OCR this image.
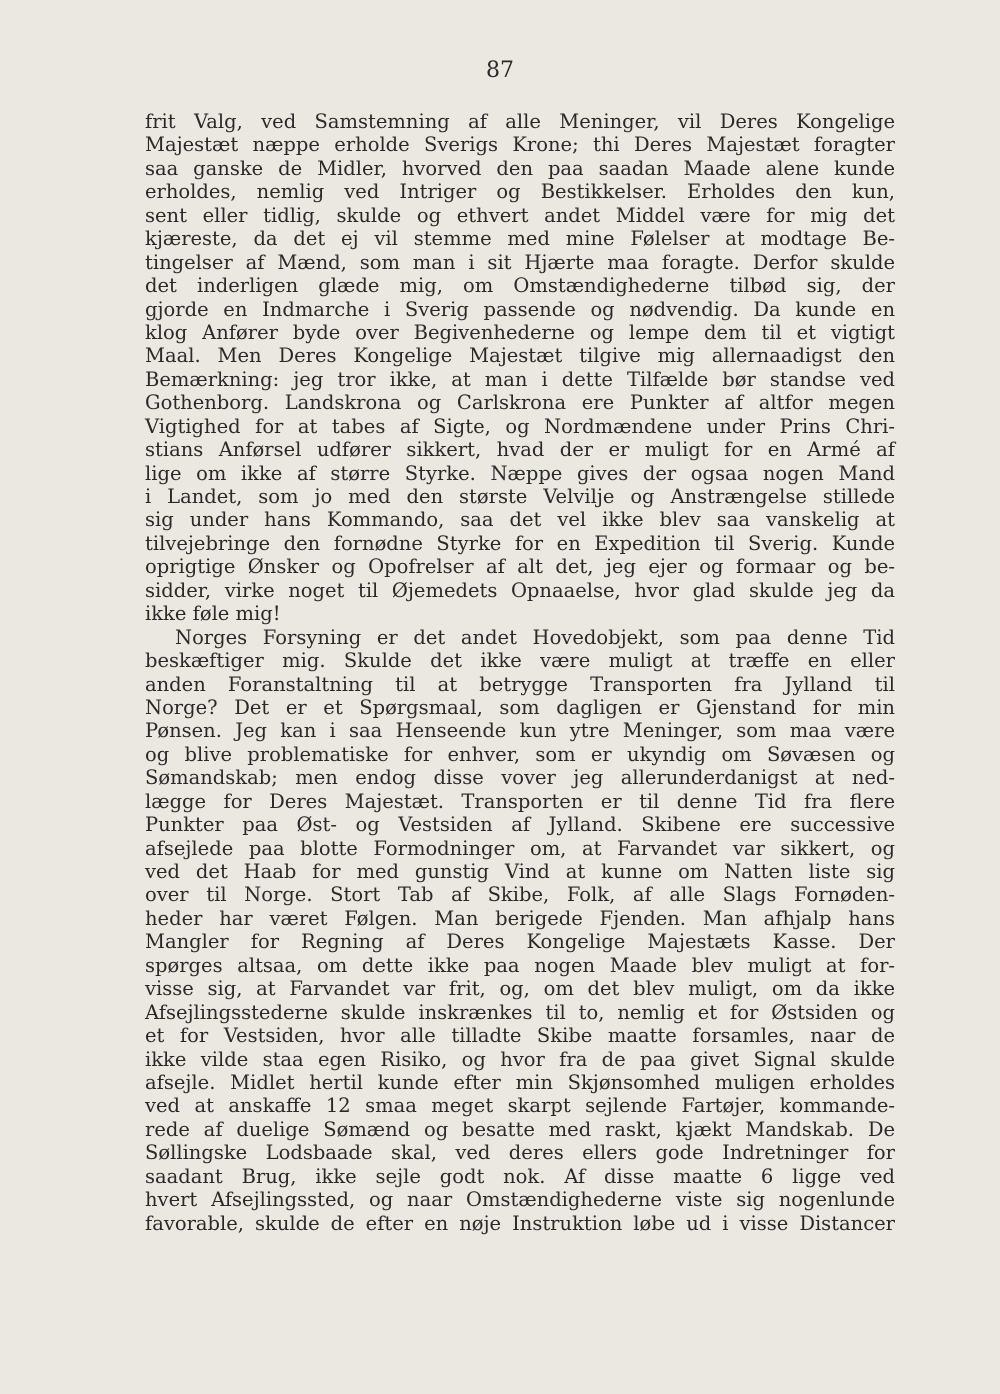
87
frit Valg, ved Samstemning af alle Meninger, vil Deres Kongelige
Majestæt næppe erholde Sverigs Krone; thi Deres Majestæt foragter
saa ganske de Midler, hvorved den paa saadan Maade alene kunde
erholdes, nemlig ved Intriger og Bestikkelser. Erholdes den kun,
sent eller tidlig, skulde og ethvert andet Middel være for mig det
kjæreste, da det ej vil stemme med mine Følelser at modtage Be-
tingelser af Mænd, som man i sit Hjærte maa foragte. Derfor skulde
det inderligen glæde mig, om Omstændighederne tilbød sig, der
gjorde en Indmarche i Sverig passende og nødvendig. Da kunde en
klog Anfører byde over Begivenhederne og lempe dem til et vigtigt
Maal. Men Deres Kongelige Majestæt tilgive mig allernaadigst den
Bemærkning: jeg tror ikke, at man i dette Tilfælde bør standse ved
Gothenborg. Landskrona og Carlskrona ere Punkter af altfor megen
Vigtighed for at tabes af Sigte, og Nordmændene under Prins Chri-
stians Anførsel udfører sikkert, hvad der er muligt for en Armé af
lige om ikke af større Styrke. Næppe gives der ogsaa nogen Mand
i Landet, som jo med den største Velvilje og Anstrængelse stillede
sig under hans Kommando, saa det vel ikke blev saa vanskelig at
tilvejebringe den fornødne Styrke for en Expedition til Sverig. Kunde
oprigtige Ønsker og Opofrelser af alt det, jeg ejer og formaar og be-
sidder, virke noget til Øjemedets Opnaaelse, hvor glad skulde jeg da
ikke føle mig!
Norges Forsyning er det andet Hovedobjekt, som paa denne Tid
beskæftiger mig. Skulde det ikke være muligt at træffe en eller
anden Foranstaltning til at betrygge Transporten fra Jylland til
Norge? Det er et Spørgsmaal, som dagligen er Gjenstand for min
Pønsen. Jeg kan i saa Henseende kun ytre Meninger, som maa være
og blive problematiske for enhver, som er ukyndig om Søvæsen og
Sømandskab; men endog disse vover jeg allerunderdanigst at ned-
lægge for Deres Majestæt. Transporten er til denne Tid fra flere
Punkter paa Øst- og Vestsiden af Jylland. Skibene ere successive
afsejlede paa blotte Formodninger om, at Farvandet var sikkert, og
ved det Haab for med gunstig Vind at kunne om Natten liste sig
over til Norge. Stort Tab af Skibe, Folk, af alle Slags Fornøden-
heder har været Følgen. Man berigede Fjenden. Man afhjalp hans
Mangler for Regning af Deres Kongelige Majestæts Kasse. Der
spørges altsaa, om dette ikke paa nogen Maade blev muligt at for-
visse sig, at Farvandet var frit, og, om det blev muligt, om da ikke
Afsejlingsstederne skulde inskrænkes til to, nemlig et for Østsiden og
et for Vestsiden, hvor alle tilladte Skibe maatte forsamles, naar de
ikke vilde staa egen Risiko, og hvor fra de paa givet Signal skulde
afsejle. Midlet hertil kunde efter min Skjønsomhed muligen erholdes
ved at anskaffe 12 smaa meget skarpt sejlende Fartøjer, kommande-
rede af duelige Sømænd og besatte med raskt, kjækt Mandskab. De
Søllingske Lodsbaade skal, ved deres ellers gode Indretninger for
saadant Brug, ikke sejle godt nok. Af disse maatte 6 ligge ved
hvert Afsejlingssted, og naar Omstændighederne viste sig nogenlunde
favorable, skulde de efter en nøje Instruktion løbe ud i visse Distancer
